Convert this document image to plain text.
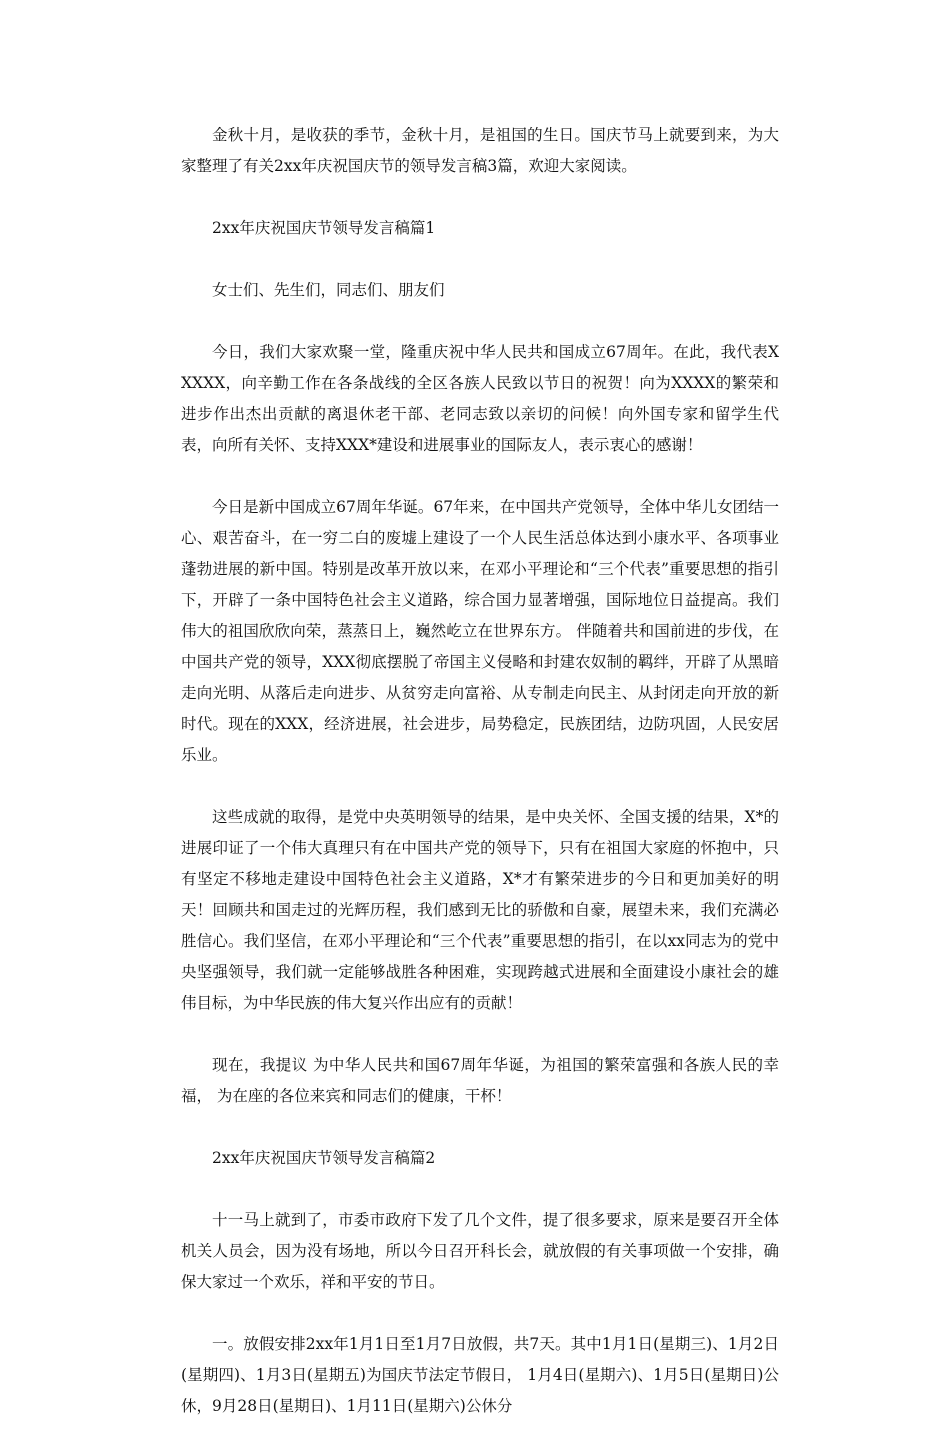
金秋十月，是收获的季节，金秋十月，是祖国的生日。国庆节马上就要到来，为大家整理了有关2xx年庆祝国庆节的领导发言稿3篇，欢迎大家阅读。

2xx年庆祝国庆节领导发言稿篇1

女士们、先生们，同志们、朋友们

今日，我们大家欢聚一堂，隆重庆祝中华人民共和国成立67周年。在此，我代表XXXXX，向辛勤工作在各条战线的全区各族人民致以节日的祝贺！向为XXXX的繁荣和进步作出杰出贡献的离退休老干部、老同志致以亲切的问候！向外国专家和留学生代表，向所有关怀、支持XXX*建设和进展事业的国际友人，表示衷心的感谢！

今日是新中国成立67周年华诞。67年来，在中国共产党领导，全体中华儿女团结一心、艰苦奋斗，在一穷二白的废墟上建设了一个人民生活总体达到小康水平、各项事业蓬勃进展的新中国。特别是改革开放以来，在邓小平理论和“三个代表”重要思想的指引下，开辟了一条中国特色社会主义道路，综合国力显著增强，国际地位日益提高。我们伟大的祖国欣欣向荣，蒸蒸日上，巍然屹立在世界东方。 伴随着共和国前进的步伐，在中国共产党的领导，XXX彻底摆脱了帝国主义侵略和封建农奴制的羁绊，开辟了从黑暗走向光明、从落后走向进步、从贫穷走向富裕、从专制走向民主、从封闭走向开放的新时代。现在的XXX，经济进展，社会进步，局势稳定，民族团结，边防巩固，人民安居乐业。

这些成就的取得，是党中央英明领导的结果，是中央关怀、全国支援的结果，X*的进展印证了一个伟大真理只有在中国共产党的领导下，只有在祖国大家庭的怀抱中，只有坚定不移地走建设中国特色社会主义道路，X*才有繁荣进步的今日和更加美好的明天！回顾共和国走过的光辉历程，我们感到无比的骄傲和自豪，展望未来，我们充满必胜信心。我们坚信，在邓小平理论和“三个代表”重要思想的指引，在以xx同志为的党中央坚强领导，我们就一定能够战胜各种困难，实现跨越式进展和全面建设小康社会的雄伟目标，为中华民族的伟大复兴作出应有的贡献！

现在，我提议 为中华人民共和国67周年华诞，为祖国的繁荣富强和各族人民的幸福， 为在座的各位来宾和同志们的健康，干杯！

2xx年庆祝国庆节领导发言稿篇2

十一马上就到了，市委市政府下发了几个文件，提了很多要求，原来是要召开全体机关人员会，因为没有场地，所以今日召开科长会，就放假的有关事项做一个安排，确保大家过一个欢乐，祥和平安的节日。

一。放假安排2xx年1月1日至1月7日放假，共7天。其中1月1日(星期三)、1月2日(星期四)、1月3日(星期五)为国庆节法定节假日， 1月4日(星期六)、1月5日(星期日)公休，9月28日(星期日)、1月11日(星期六)公休分
